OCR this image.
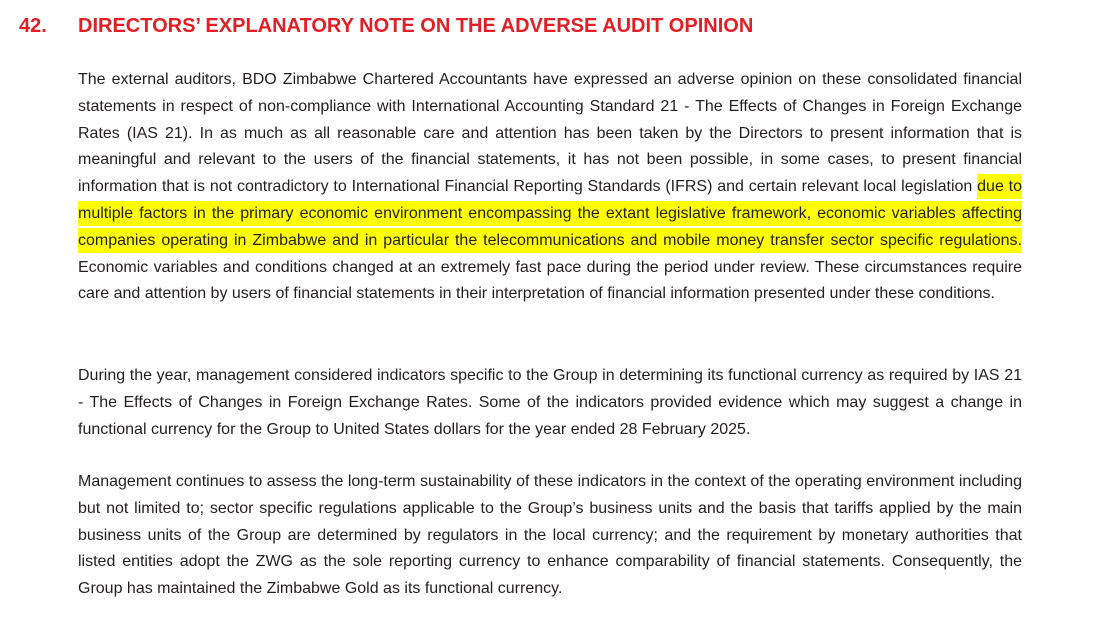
42. DIRECTORS’ EXPLANATORY NOTE ON THE ADVERSE AUDIT OPINION

The external auditors, BDO Zimbabwe Chartered Accountants have expressed an adverse opinion on these consolidated financial statements in respect of non-compliance with International Accounting Standard 21 - The Effects of Changes in Foreign Exchange Rates (IAS 21). In as much as all reasonable care and attention has been taken by the Directors to present information that is meaningful and relevant to the users of the financial statements, it has not been possible, in some cases, to present financial information that is not contradictory to International Financial Reporting Standards (IFRS) and certain relevant local legislation due to multiple factors in the primary economic environment encompassing the extant legislative framework, economic variables affecting companies operating in Zimbabwe and in particular the telecommunications and mobile money transfer sector specific regulations. Economic variables and conditions changed at an extremely fast pace during the period under review. These circumstances require care and attention by users of financial statements in their interpretation of financial information presented under these conditions.

During the year, management considered indicators specific to the Group in determining its functional currency as required by IAS 21 - The Effects of Changes in Foreign Exchange Rates. Some of the indicators provided evidence which may suggest a change in functional currency for the Group to United States dollars for the year ended 28 February 2025.

Management continues to assess the long-term sustainability of these indicators in the context of the operating environment including but not limited to; sector specific regulations applicable to the Group’s business units and the basis that tariffs applied by the main business units of the Group are determined by regulators in the local currency; and the requirement by monetary authorities that listed entities adopt the ZWG as the sole reporting currency to enhance comparability of financial statements. Consequently, the Group has maintained the Zimbabwe Gold as its functional currency.
